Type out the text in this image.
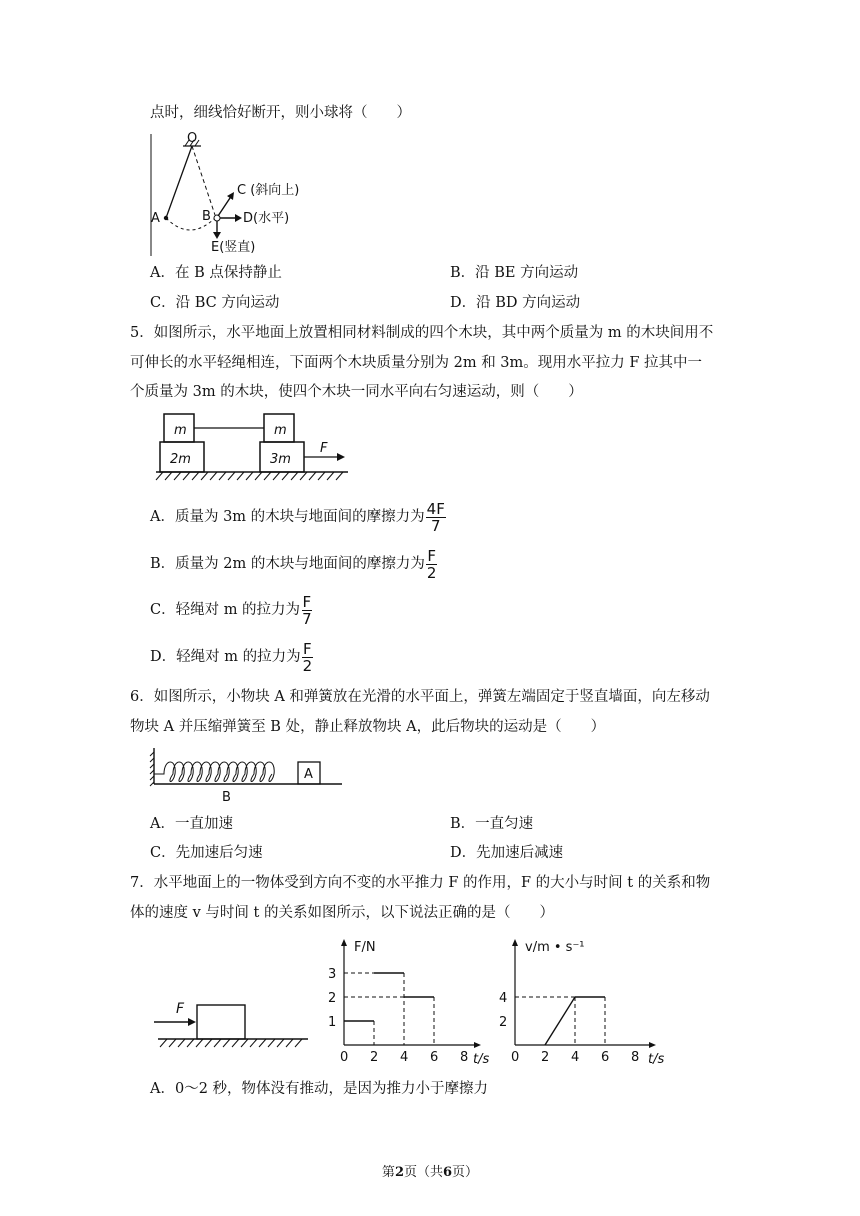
点时，细线恰好断开，则小球将（　　）
O
A	B
C (斜向上)
D(水平)
E(竖直)
A．在 B 点保持静止	B．沿 BE 方向运动
C．沿 BC 方向运动	D．沿 BD 方向运动
5．如图所示，水平地面上放置相同材料制成的四个木块，其中两个质量为 m 的木块间用不
可伸长的水平轻绳相连，下面两个木块质量分别为 2m 和 3m。现用水平拉力 F 拉其中一
个质量为 3m 的木块，使四个木块一同水平向右匀速运动，则（　　）
m	m
2m	3m
F
A．质量为 3m 的木块与地面间的摩擦力为 $\frac{4F}{7}$
B．质量为 2m 的木块与地面间的摩擦力为 $\frac{F}{2}$
C．轻绳对 m 的拉力为 $\frac{F}{7}$
D．轻绳对 m 的拉力为 $\frac{F}{2}$
6．如图所示，小物块 A 和弹簧放在光滑的水平面上，弹簧左端固定于竖直墙面，向左移动
物块 A 并压缩弹簧至 B 处，静止释放物块 A，此后物块的运动是（　　）
A
B
A．一直加速	B．一直匀速
C．先加速后匀速	D．先加速后减速
7．水平地面上的一物体受到方向不变的水平推力 F 的作用，F 的大小与时间 t 的关系和物
体的速度 v 与时间 t 的关系如图所示，以下说法正确的是（　　）
F
0 2 4 6 8
1
2
3
F/N
t/s 0 2 4 6 8
2
4
v/m • s⁻¹
t/s
A．0～2 秒，物体没有推动，是因为推力小于摩擦力
第2页（共6页）
